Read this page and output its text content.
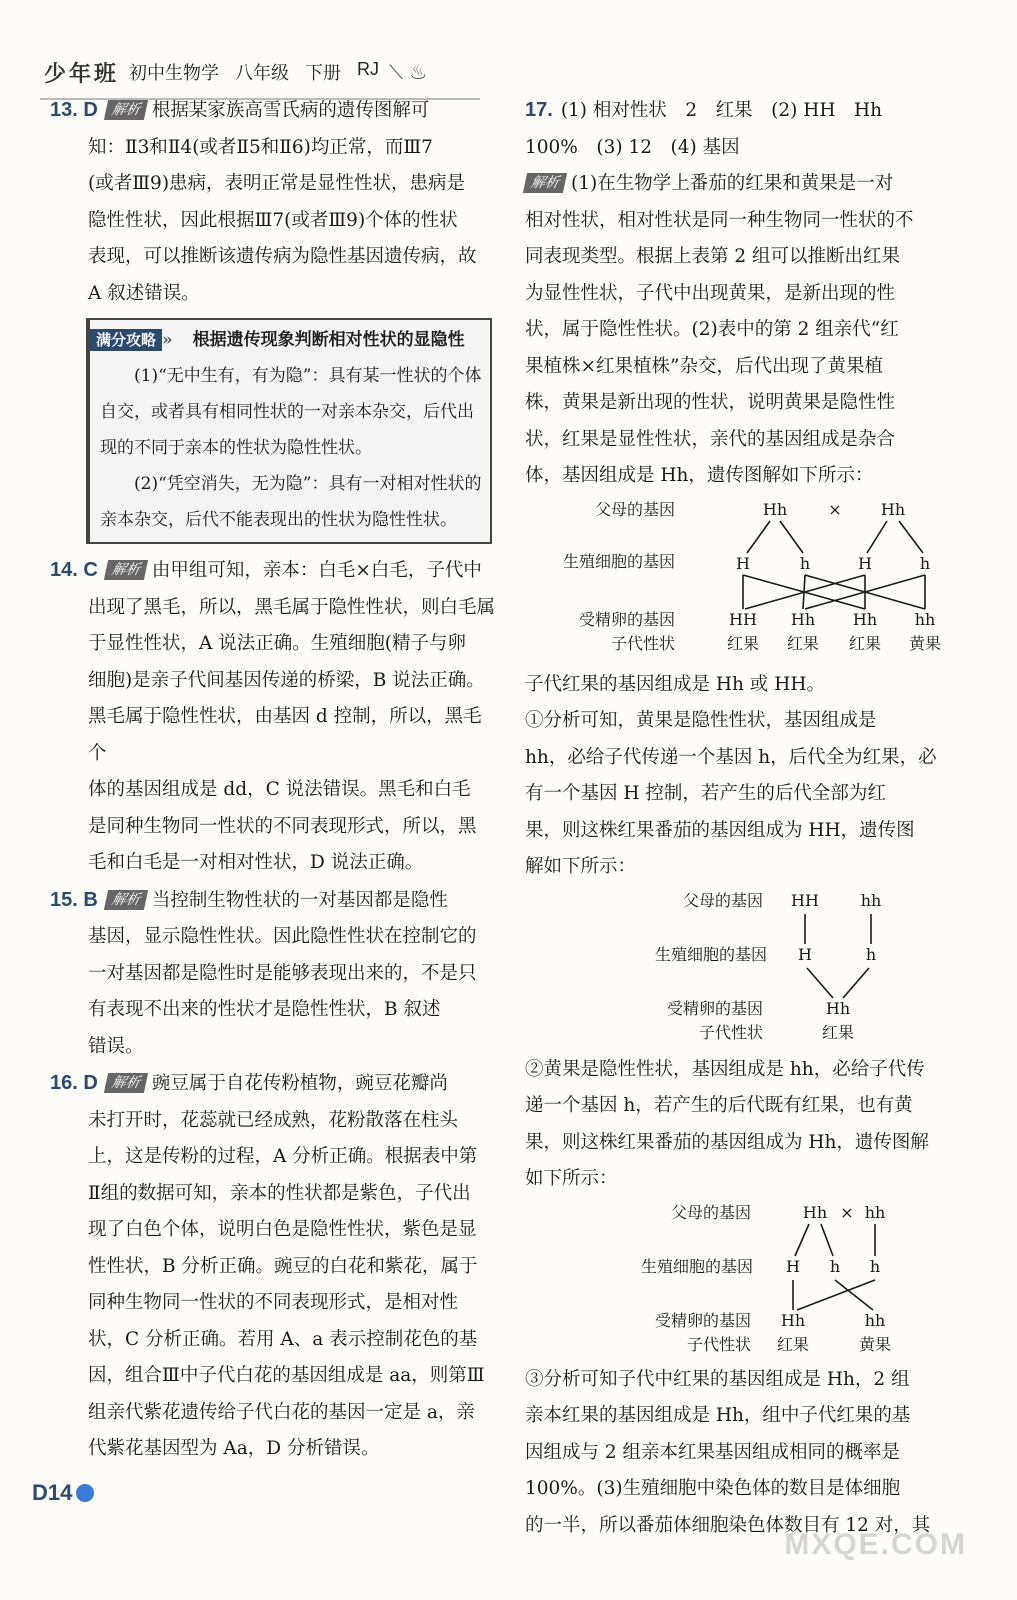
少年班 初中生物学 八年级 下册 RJ ⟍ ♨
13. D 解析 根据某家族高雪氏病的遗传图解可
知：Ⅱ3和Ⅱ4(或者Ⅱ5和Ⅱ6)均正常，而Ⅲ7
(或者Ⅲ9)患病，表明正常是显性性状，患病是
隐性性状，因此根据Ⅲ7(或者Ⅲ9)个体的性状
表现，可以推断该遗传病为隐性基因遗传病，故
A 叙述错误。
满分攻略 » 根据遗传现象判断相对性状的显隐性

(1)“无中生有，有为隐”：具有某一性状的个体自交，或者具有相同性状的一对亲本杂交，后代出现的不同于亲本的性状为隐性性状。

(2)“凭空消失，无为隐”：具有一对相对性状的亲本杂交，后代不能表现出的性状为隐性性状。

14. C 解析 由甲组可知，亲本：白毛×白毛，子代中
出现了黑毛，所以，黑毛属于隐性性状，则白毛属
于显性性状，A 说法正确。生殖细胞(精子与卵
细胞)是亲子代间基因传递的桥梁，B 说法正确。
黑毛属于隐性性状，由基因 d 控制，所以，黑毛个
体的基因组成是 dd，C 说法错误。黑毛和白毛
是同种生物同一性状的不同表现形式，所以，黑
毛和白毛是一对相对性状，D 说法正确。
15. B 解析 当控制生物性状的一对基因都是隐性
基因，显示隐性性状。因此隐性性状在控制它的
一对基因都是隐性时是能够表现出来的，不是只
有表现不出来的性状才是隐性性状，B 叙述
错误。
16. D 解析 豌豆属于自花传粉植物，豌豆花瓣尚
未打开时，花蕊就已经成熟，花粉散落在柱头
上，这是传粉的过程，A 分析正确。根据表中第
Ⅱ组的数据可知，亲本的性状都是紫色，子代出
现了白色个体，说明白色是隐性性状，紫色是显
性性状，B 分析正确。豌豆的白花和紫花，属于
同种生物同一性状的不同表现形式，是相对性
状，C 分析正确。若用 A、a 表示控制花色的基
因，组合Ⅲ中子代白花的基因组成是 aa，则第Ⅲ
组亲代紫花遗传给子代白花的基因一定是 a，亲
代紫花基因型为 Aa，D 分析错误。
17. (1) 相对性状　2　红果　(2) HH　Hh
100%　(3) 12　(4) 基因
解析 (1)在生物学上番茄的红果和黄果是一对
相对性状，相对性状是同一种生物同一性状的不
同表现类型。根据上表第 2 组可以推断出红果
为显性性状，子代中出现黄果，是新出现的性
状，属于隐性性状。(2)表中的第 2 组亲代“红
果植株×红果植株”杂交，后代出现了黄果植
株，黄果是新出现的性状，说明黄果是隐性性
状，红果是显性性状，亲代的基因组成是杂合
体，基因组成是 Hh，遗传图解如下所示：
父母的基因
生殖细胞的基因
受精卵的基因
子代性状
Hh	× Hh
H	h	H	h
HH Hh Hh hh
红果 红果 红果 黄果
子代红果的基因组成是 Hh 或 HH。
①分析可知，黄果是隐性性状，基因组成是
hh，必给子代传递一个基因 h，后代全为红果，必
有一个基因 H 控制，若产生的后代全部为红
果，则这株红果番茄的基因组成为 HH，遗传图
解如下所示：
父母的基因
生殖细胞的基因
受精卵的基因
子代性状
HH	hh
H	h
Hh
红果
②黄果是隐性性状，基因组成是 hh，必给子代传
递一个基因 h，若产生的后代既有红果，也有黄
果，则这株红果番茄的基因组成为 Hh，遗传图解
如下所示：
父母的基因
生殖细胞的基因
受精卵的基因
子代性状
Hh × hh
H h h
Hh	hh
红果	黄果
③分析可知子代中红果的基因组成是 Hh，2 组
亲本红果的基因组成是 Hh，组中子代红果的基
因组成与 2 组亲本红果基因组成相同的概率是
100%。(3)生殖细胞中染色体的数目是体细胞
的一半，所以番茄体细胞染色体数目有 12 对，其
D14
MXQE.COM
